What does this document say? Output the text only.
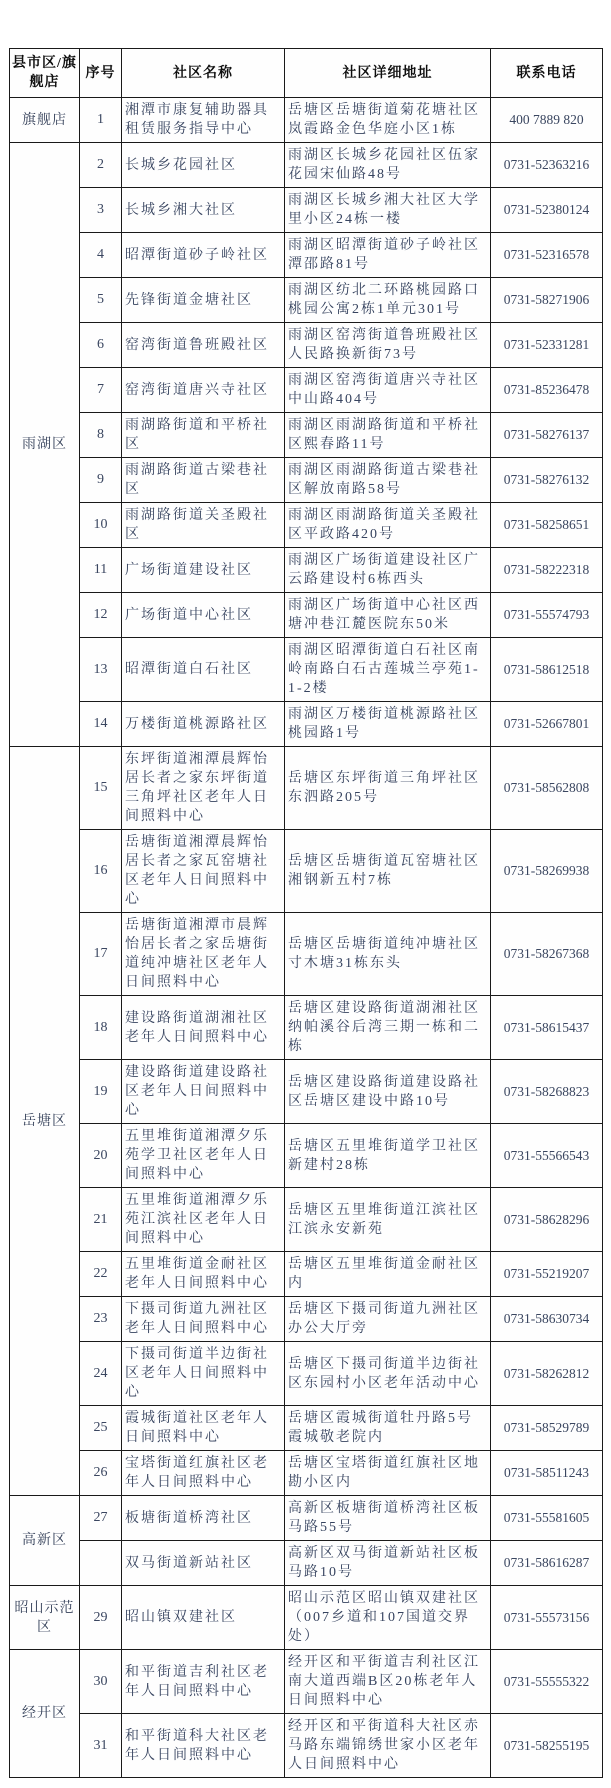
县市区/旗舰店	序号	社区名称	社区详细地址	联系电话
旗舰店	1	湘潭市康复辅助器具租赁服务指导中心	岳塘区岳塘街道菊花塘社区岚霞路金色华庭小区1栋	400 7889 820
雨湖区	2	长城乡花园社区	雨湖区长城乡花园社区伍家花园宋仙路48号	0731-52363216
	3	长城乡湘大社区	雨湖区长城乡湘大社区大学里小区24栋一楼	0731-52380124
	4	昭潭街道砂子岭社区	雨湖区昭潭街道砂子岭社区潭邵路81号	0731-52316578
	5	先锋街道金塘社区	雨湖区纺北二环路桃园路口桃园公寓2栋1单元301号	0731-58271906
	6	窑湾街道鲁班殿社区	雨湖区窑湾街道鲁班殿社区人民路换新街73号	0731-52331281
	7	窑湾街道唐兴寺社区	雨湖区窑湾街道唐兴寺社区中山路404号	0731-85236478
	8	雨湖路街道和平桥社区	雨湖区雨湖路街道和平桥社区熙春路11号	0731-58276137
	9	雨湖路街道古梁巷社区	雨湖区雨湖路街道古梁巷社区解放南路58号	0731-58276132
	10	雨湖路街道关圣殿社区	雨湖区雨湖路街道关圣殿社区平政路420号	0731-58258651
	11	广场街道建设社区	雨湖区广场街道建设社区广云路建设村6栋西头	0731-58222318
	12	广场街道中心社区	雨湖区广场街道中心社区西塘冲巷江麓医院东50米	0731-55574793
	13	昭潭街道白石社区	雨湖区昭潭街道白石社区南岭南路白石古莲城兰亭苑1-1-2楼	0731-58612518
	14	万楼街道桃源路社区	雨湖区万楼街道桃源路社区桃园路1号	0731-52667801
岳塘区	15	东坪街道湘潭晨辉怡居长者之家东坪街道三角坪社区老年人日间照料中心	岳塘区东坪街道三角坪社区东泗路205号	0731-58562808
	16	岳塘街道湘潭晨辉怡居长者之家瓦窑塘社区老年人日间照料中心	岳塘区岳塘街道瓦窑塘社区湘钢新五村7栋	0731-58269938
	17	岳塘街道湘潭市晨辉怡居长者之家岳塘街道纯冲塘社区老年人日间照料中心	岳塘区岳塘街道纯冲塘社区寸木塘31栋东头	0731-58267368
	18	建设路街道湖湘社区老年人日间照料中心	岳塘区建设路街道湖湘社区纳帕溪谷后湾三期一栋和二栋	0731-58615437
	19	建设路街道建设路社区老年人日间照料中心	岳塘区建设路街道建设路社区岳塘区建设中路10号	0731-58268823
	20	五里堆街道湘潭夕乐苑学卫社区老年人日间照料中心	岳塘区五里堆街道学卫社区新建村28栋	0731-55566543
	21	五里堆街道湘潭夕乐苑江滨社区老年人日间照料中心	岳塘区五里堆街道江滨社区江滨永安新苑	0731-58628296
	22	五里堆街道金耐社区老年人日间照料中心	岳塘区五里堆街道金耐社区内	0731-55219207
	23	下摄司街道九洲社区老年人日间照料中心	岳塘区下摄司街道九洲社区办公大厅旁	0731-58630734
	24	下摄司街道半边街社区老年人日间照料中心	岳塘区下摄司街道半边街社区东园村小区老年活动中心	0731-58262812
	25	霞城街道社区老年人日间照料中心	岳塘区霞城街道牡丹路5号霞城敬老院内	0731-58529789
	26	宝塔街道红旗社区老年人日间照料中心	岳塘区宝塔街道红旗社区地勘小区内	0731-58511243
高新区	27	板塘街道桥湾社区	高新区板塘街道桥湾社区板马路55号	0731-55581605
		双马街道新站社区	高新区双马街道新站社区板马路10号	0731-58616287
昭山示范区	29	昭山镇双建社区	昭山示范区昭山镇双建社区（007乡道和107国道交界处）	0731-55573156
经开区	30	和平街道吉利社区老年人日间照料中心	经开区和平街道吉利社区江南大道西端B区20栋老年人日间照料中心	0731-55555322
	31	和平街道科大社区老年人日间照料中心	经开区和平街道科大社区赤马路东端锦绣世家小区老年人日间照料中心	0731-58255195
